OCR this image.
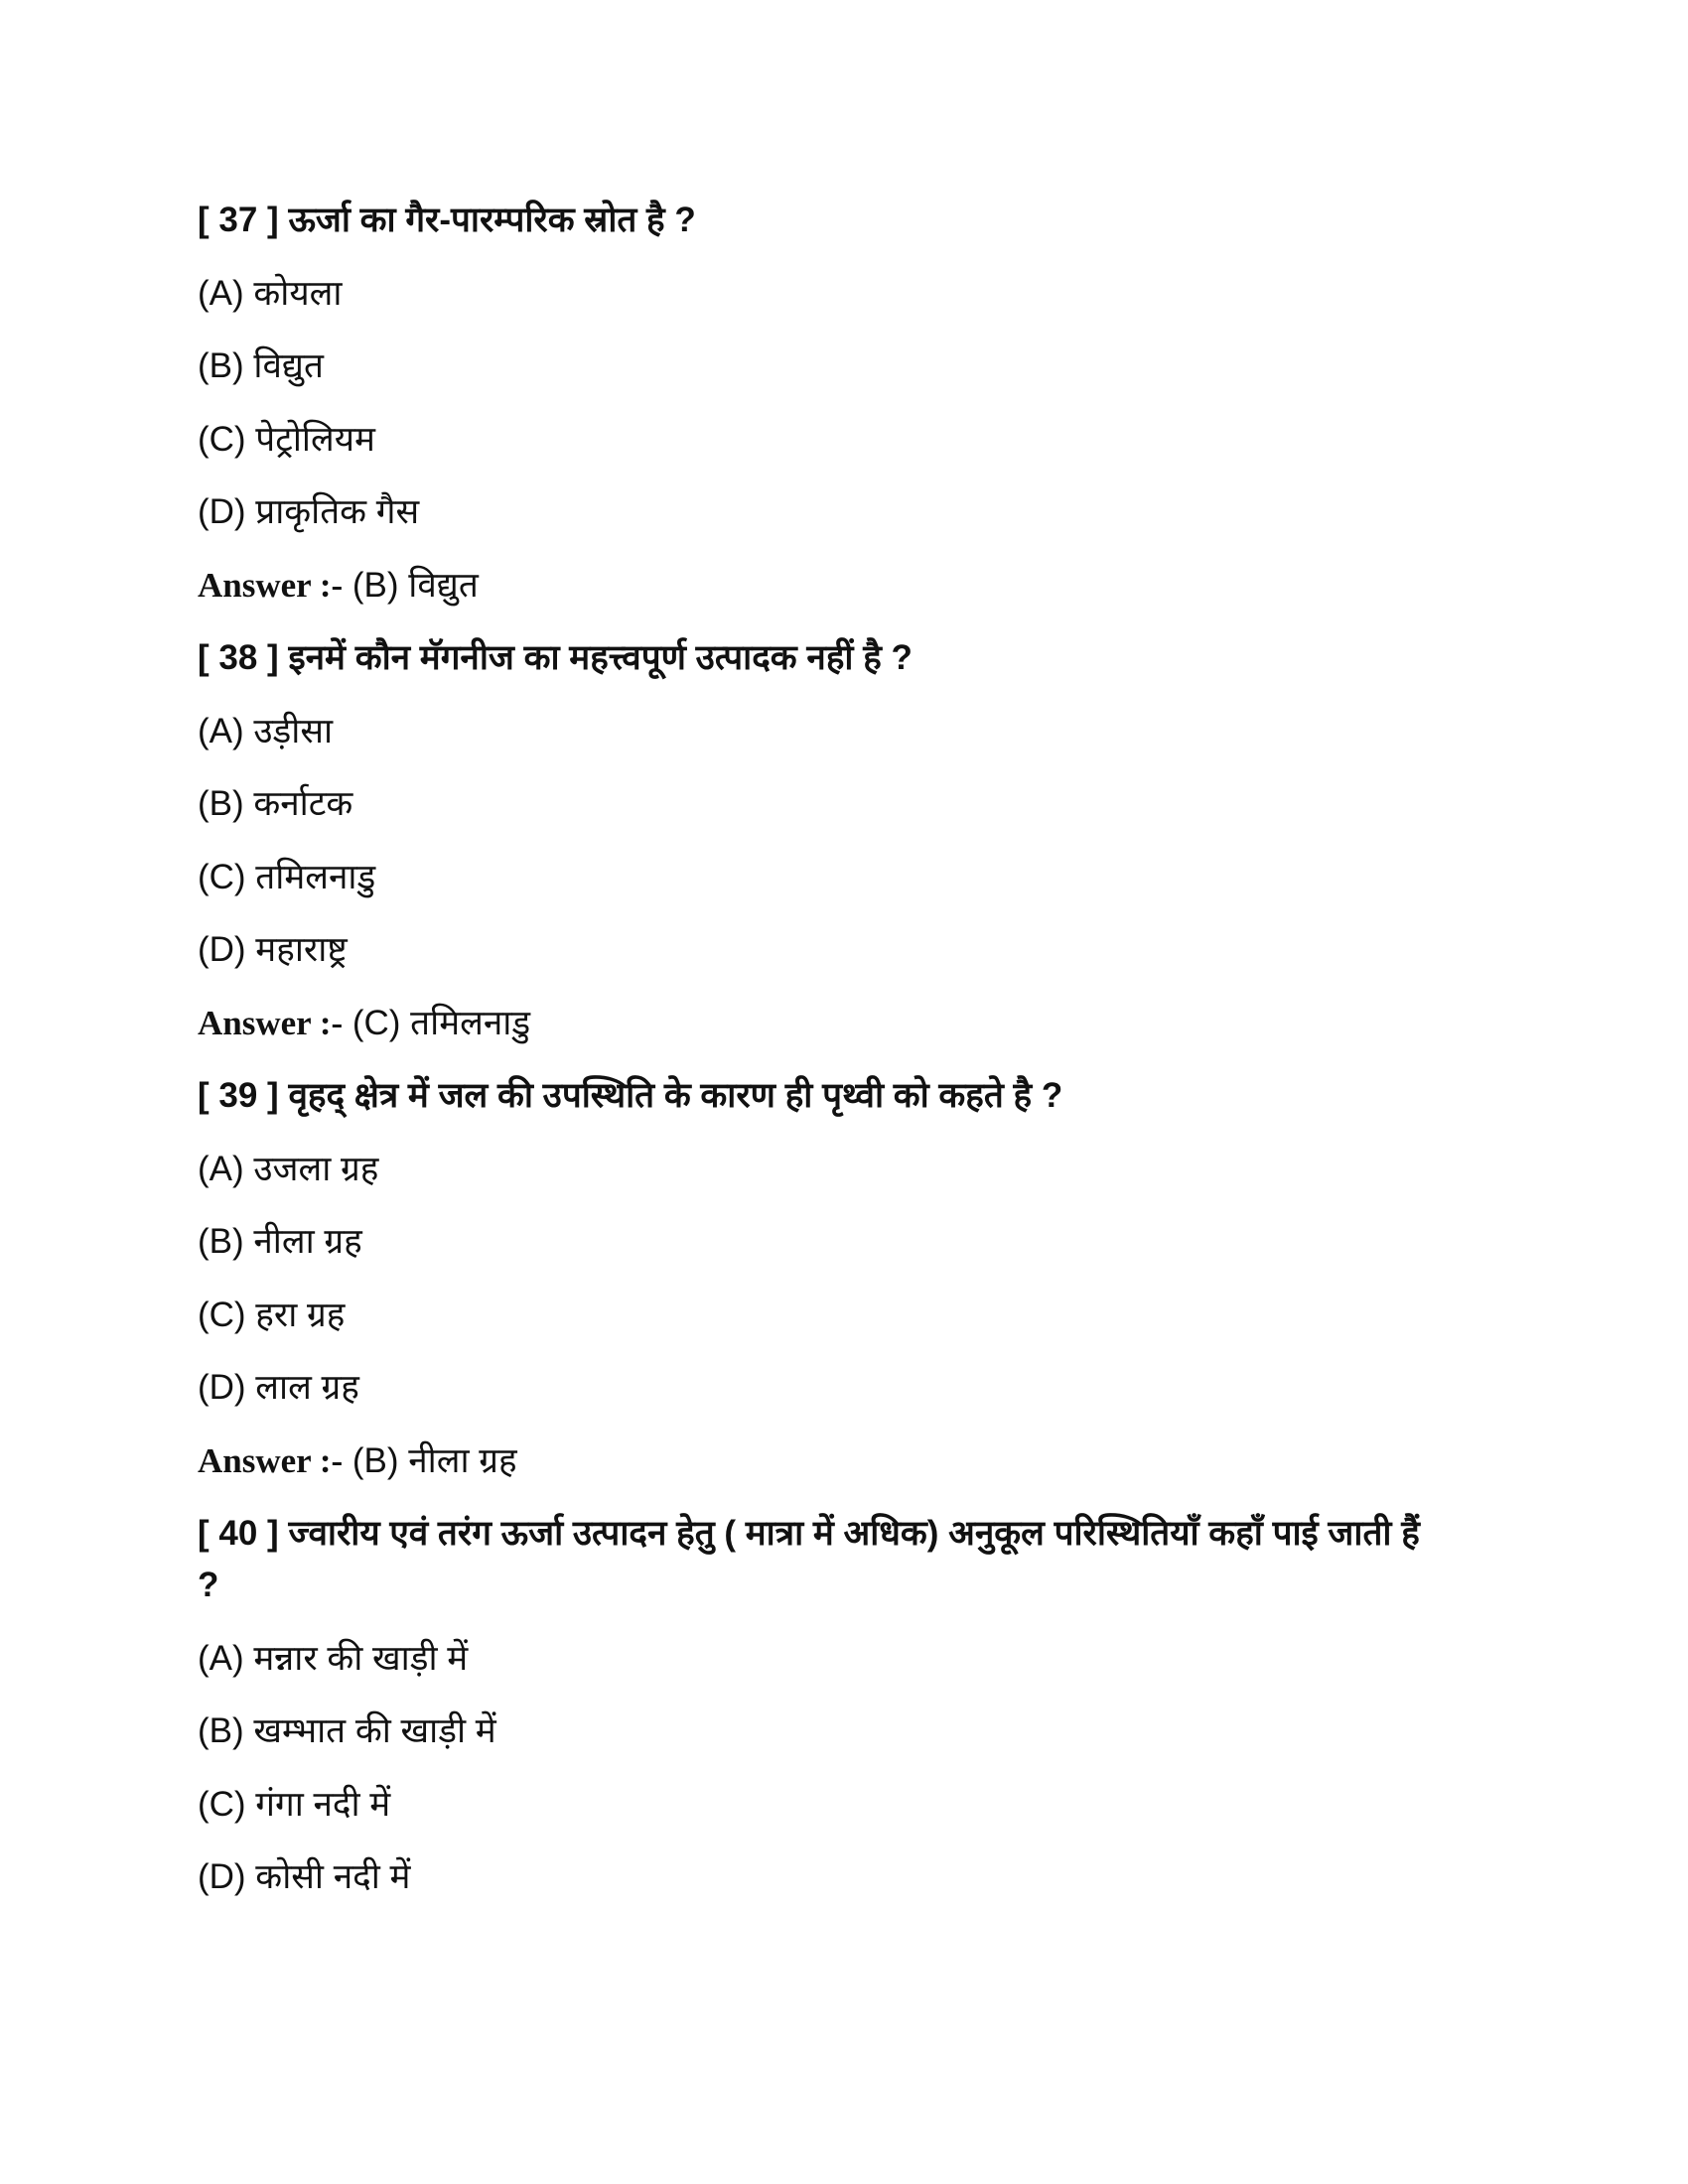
[ 37 ] ऊर्जा का गैर-पारम्परिक स्रोत है ?
(A) कोयला
(B) विद्युत
(C) पेट्रोलियम
(D) प्राकृतिक गैस
Answer :- (B) विद्युत
[ 38 ] इनमें कौन मॅगनीज का महत्त्वपूर्ण उत्पादक नहीं है ?
(A) उड़ीसा
(B) कर्नाटक
(C) तमिलनाडु
(D) महाराष्ट्र
Answer :- (C) तमिलनाडु
[ 39 ] वृहद् क्षेत्र में जल की उपस्थिति के कारण ही पृथ्वी को कहते है ?
(A) उजला ग्रह
(B) नीला ग्रह
(C) हरा ग्रह
(D) लाल ग्रह
Answer :- (B) नीला ग्रह
[ 40 ] ज्वारीय एवं तरंग ऊर्जा उत्पादन हेतु ( मात्रा में अधिक) अनुकूल परिस्थितियाँ कहाँ पाई जाती हैं ?
(A) मन्नार की खाड़ी में
(B) खम्भात की खाड़ी में
(C) गंगा नदी में
(D) कोसी नदी में
